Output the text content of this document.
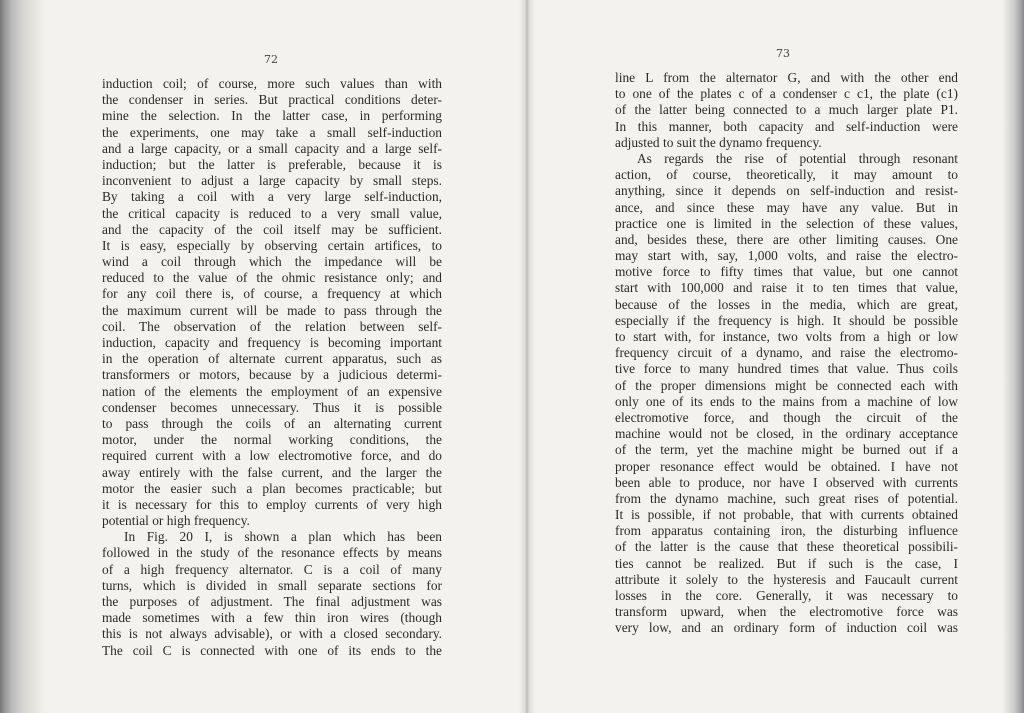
72	73

induction coil; of course, more such values than with
the condenser in series. But practical conditions deter-
mine the selection. In the latter case, in performing
the experiments, one may take a small self-induction
and a large capacity, or a small capacity and a large self-
induction; but the latter is preferable, because it is
inconvenient to adjust a large capacity by small steps.
By taking a coil with a very large self-induction,
the critical capacity is reduced to a very small value,
and the capacity of the coil itself may be sufficient.
It is easy, especially by observing certain artifices, to
wind a coil through which the impedance will be
reduced to the value of the ohmic resistance only; and
for any coil there is, of course, a frequency at which
the maximum current will be made to pass through the
coil. The observation of the relation between self-
induction, capacity and frequency is becoming important
in the operation of alternate current apparatus, such as
transformers or motors, because by a judicious determi-
nation of the elements the employment of an expensive
condenser becomes unnecessary. Thus it is possible
to pass through the coils of an alternating current
motor, under the normal working conditions, the
required current with a low electromotive force, and do
away entirely with the false current, and the larger the
motor the easier such a plan becomes practicable; but
it is necessary for this to employ currents of very high
potential or high frequency.
In Fig. 20 I, is shown a plan which has been
followed in the study of the resonance effects by means
of a high frequency alternator. C is a coil of many
turns, which is divided in small separate sections for
the purposes of adjustment. The final adjustment was
made sometimes with a few thin iron wires (though
this is not always advisable), or with a closed secondary.
The coil C is connected with one of its ends to the
line L from the alternator G, and with the other end
to one of the plates c of a condenser c c1, the plate (c1)
of the latter being connected to a much larger plate P1.
In this manner, both capacity and self-induction were
adjusted to suit the dynamo frequency.
As regards the rise of potential through resonant
action, of course, theoretically, it may amount to
anything, since it depends on self-induction and resist-
ance, and since these may have any value. But in
practice one is limited in the selection of these values,
and, besides these, there are other limiting causes. One
may start with, say, 1,000 volts, and raise the electro-
motive force to fifty times that value, but one cannot
start with 100,000 and raise it to ten times that value,
because of the losses in the media, which are great,
especially if the frequency is high. It should be possible
to start with, for instance, two volts from a high or low
frequency circuit of a dynamo, and raise the electromo-
tive force to many hundred times that value. Thus coils
of the proper dimensions might be connected each with
only one of its ends to the mains from a machine of low
electromotive force, and though the circuit of the
machine would not be closed, in the ordinary acceptance
of the term, yet the machine might be burned out if a
proper resonance effect would be obtained. I have not
been able to produce, nor have I observed with currents
from the dynamo machine, such great rises of potential.
It is possible, if not probable, that with currents obtained
from apparatus containing iron, the disturbing influence
of the latter is the cause that these theoretical possibili-
ties cannot be realized. But if such is the case, I
attribute it solely to the hysteresis and Faucault current
losses in the core. Generally, it was necessary to
transform upward, when the electromotive force was
very low, and an ordinary form of induction coil was
